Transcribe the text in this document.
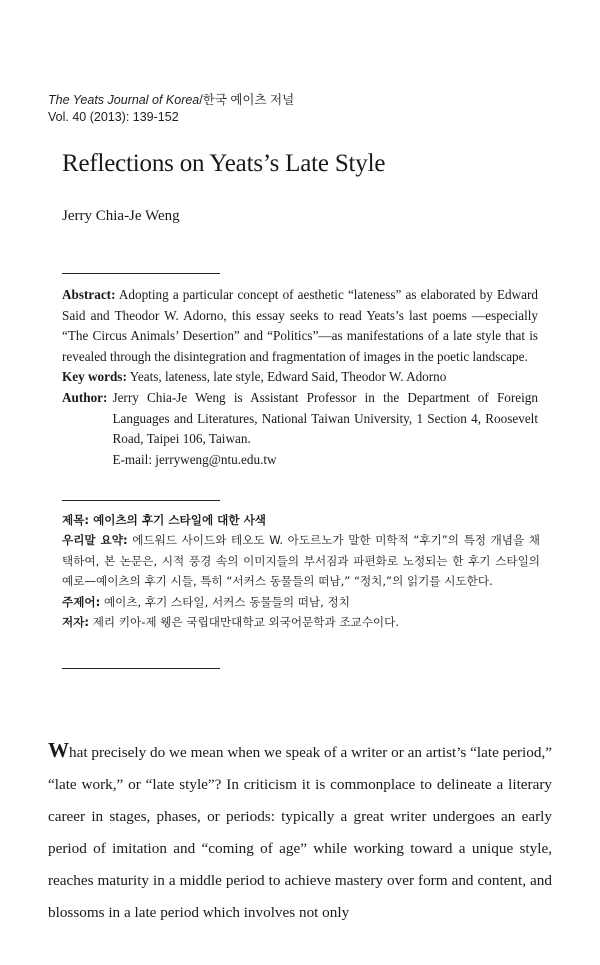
The Yeats Journal of Korea/한국 예이츠 저널
Vol. 40 (2013): 139-152
Reflections on Yeats’s Late Style
Jerry Chia-Je Weng

Abstract: Adopting a particular concept of aesthetic “lateness” as elaborated by Edward Said and Theodor W. Adorno, this essay seeks to read Yeats’s last poems —especially “The Circus Animals’ Desertion” and “Politics”—as manifestations of a late style that is revealed through the disintegration and fragmentation of images in the poetic landscape.

Key words: Yeats, lateness, late style, Edward Said, Theodor W. Adorno

Author: Jerry Chia-Je Weng is Assistant Professor in the Department of Foreign Languages and Literatures, National Taiwan University, 1 Section 4, Roosevelt Road, Taipei 106, Taiwan.
E-mail: jerryweng@ntu.edu.tw

제목: 예이츠의 후기 스타일에 대한 사색

우리말 요약: 에드워드 사이드와 테오도 W. 아도르노가 말한 미학적 “후기”의 특정 개념을 채택하여, 본 논문은, 시적 풍경 속의 이미지들의 부서짐과 파편화로 노정되는 한 후기 스타일의 예로—예이츠의 후기 시들, 특히 “서커스 동물들의 떠남,” “정치,”의 읽기를 시도한다.

주제어: 예이츠, 후기 스타일, 서커스 동물들의 떠남, 정치

저자: 제리 키아-제 웽은 국립대만대학교 외국어문학과 조교수이다.

What precisely do we mean when we speak of a writer or an artist’s “late period,” “late work,” or “late style”? In criticism it is commonplace to delineate a literary career in stages, phases, or periods: typically a great writer undergoes an early period of imitation and “coming of age” while working toward a unique style, reaches maturity in a middle period to achieve mastery over form and content, and blossoms in a late period which involves not only
